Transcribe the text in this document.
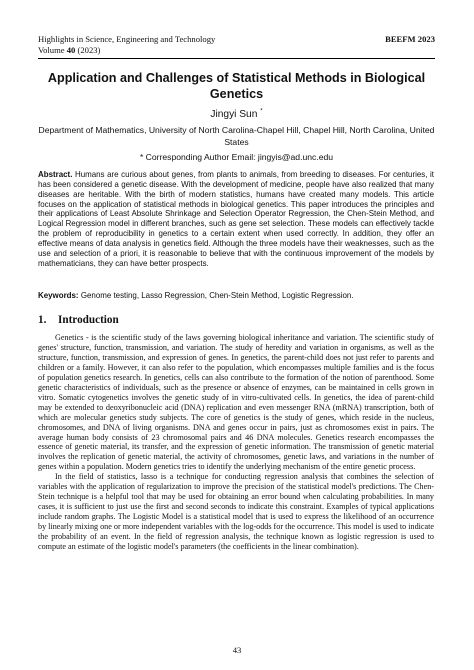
Highlights in Science, Engineering and Technology	BEEFM 2023
Volume 40 (2023)
Application and Challenges of Statistical Methods in Biological Genetics
Jingyi Sun *
Department of Mathematics, University of North Carolina-Chapel Hill, Chapel Hill, North Carolina, United States
* Corresponding Author Email: jingyis@ad.unc.edu
Abstract. Humans are curious about genes, from plants to animals, from breeding to diseases. For centuries, it has been considered a genetic disease. With the development of medicine, people have also realized that many diseases are heritable. With the birth of modern statistics, humans have created many models. This article focuses on the application of statistical methods in biological genetics. This paper introduces the principles and their applications of Least Absolute Shrinkage and Selection Operator Regression, the Chen-Stein Method, and Logical Regression model in different branches, such as gene set selection. These models can effectively tackle the problem of reproducibility in genetics to a certain extent when used correctly. In addition, they offer an effective means of data analysis in genetics field. Although the three models have their weaknesses, such as the use and selection of a priori, it is reasonable to believe that with the continuous improvement of the models by mathematicians, they can have better prospects.
Keywords: Genome testing, Lasso Regression, Chen-Stein Method, Logistic Regression.
1. Introduction

Genetics - is the scientific study of the laws governing biological inheritance and variation. The scientific study of genes' structure, function, transmission, and variation. The study of heredity and variation in organisms, as well as the structure, function, transmission, and expression of genes. In genetics, the parent-child does not just refer to parents and children or a family. However, it can also refer to the population, which encompasses multiple families and is the focus of population genetics research. In genetics, cells can also contribute to the formation of the notion of parenthood. Some genetic characteristics of individuals, such as the presence or absence of enzymes, can be maintained in cells grown in vitro. Somatic cytogenetics involves the genetic study of in vitro-cultivated cells. In genetics, the idea of parent-child may be extended to deoxyribonucleic acid (DNA) replication and even messenger RNA (mRNA) transcription, both of which are molecular genetics study subjects. The core of genetics is the study of genes, which reside in the nucleus, chromosomes, and DNA of living organisms. DNA and genes occur in pairs, just as chromosomes exist in pairs. The average human body consists of 23 chromosomal pairs and 46 DNA molecules. Genetics research encompasses the essence of genetic material, its transfer, and the expression of genetic information. The transmission of genetic material involves the replication of genetic material, the activity of chromosomes, genetic laws, and variations in the number of genes within a population. Modern genetics tries to identify the underlying mechanism of the entire genetic process.

In the field of statistics, lasso is a technique for conducting regression analysis that combines the selection of variables with the application of regularization to improve the precision of the statistical model's predictions. The Chen-Stein technique is a helpful tool that may be used for obtaining an error bound when calculating probabilities. In many cases, it is sufficient to just use the first and second seconds to indicate this constraint. Examples of typical applications include random graphs. The Logistic Model is a statistical model that is used to express the likelihood of an occurrence by linearly mixing one or more independent variables with the log-odds for the occurrence. This model is used to indicate the probability of an event. In the field of regression analysis, the technique known as logistic regression is used to compute an estimate of the logistic model's parameters (the coefficients in the linear combination).

43
